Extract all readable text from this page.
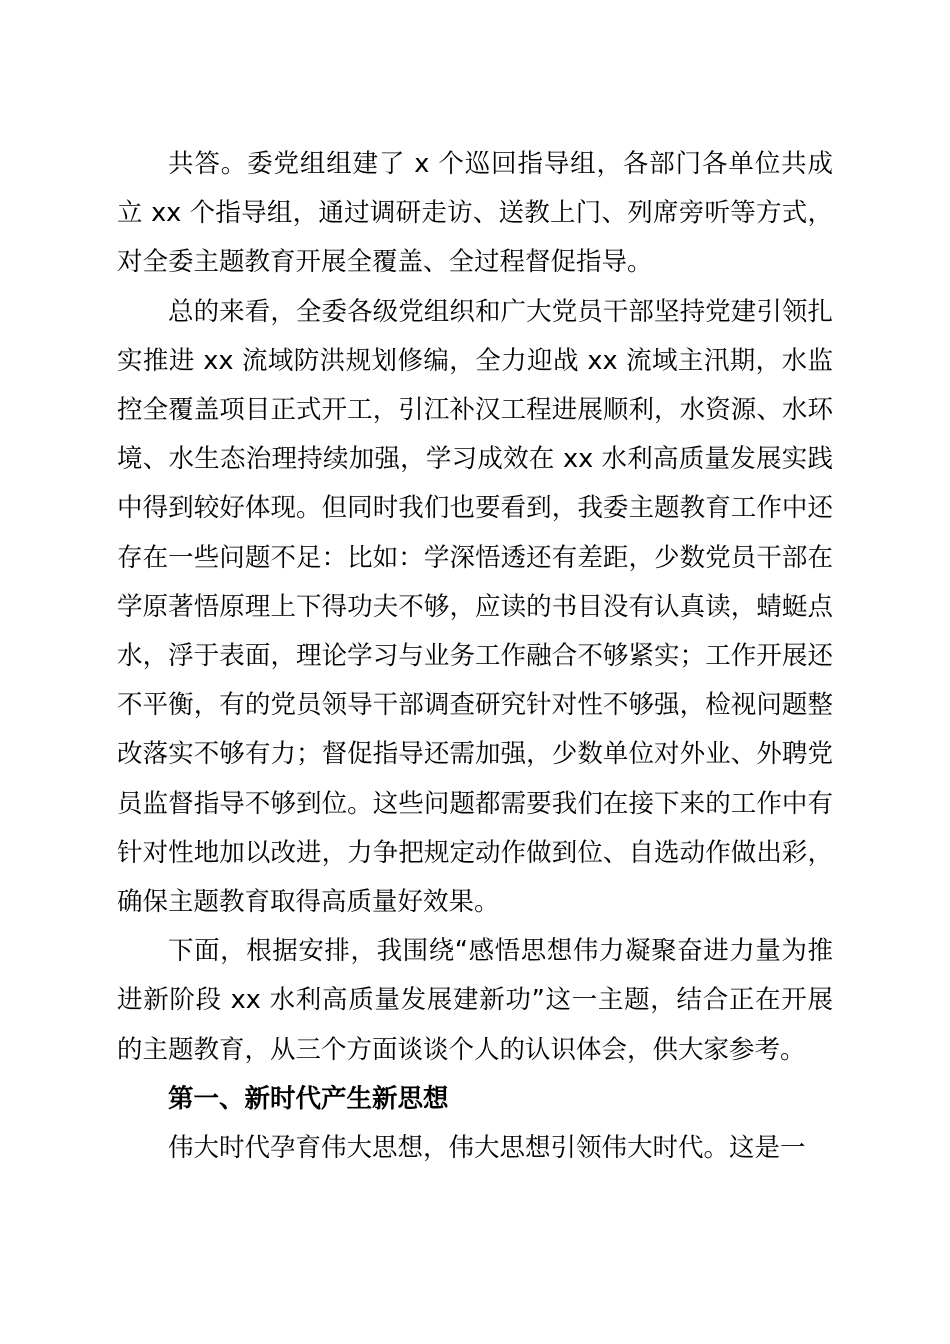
共答。委党组组建了 x 个巡回指导组，各部门各单位共成立 xx 个指导组，通过调研走访、送教上门、列席旁听等方式，对全委主题教育开展全覆盖、全过程督促指导。

总的来看，全委各级党组织和广大党员干部坚持党建引领扎实推进 xx 流域防洪规划修编，全力迎战 xx 流域主汛期，水监控全覆盖项目正式开工，引江补汉工程进展顺利，水资源、水环境、水生态治理持续加强，学习成效在 xx 水利高质量发展实践中得到较好体现。但同时我们也要看到，我委主题教育工作中还存在一些问题不足：比如：学深悟透还有差距，少数党员干部在学原著悟原理上下得功夫不够，应读的书目没有认真读，蜻蜓点水，浮于表面，理论学习与业务工作融合不够紧实；工作开展还不平衡，有的党员领导干部调查研究针对性不够强，检视问题整改落实不够有力；督促指导还需加强，少数单位对外业、外聘党员监督指导不够到位。这些问题都需要我们在接下来的工作中有针对性地加以改进，力争把规定动作做到位、自选动作做出彩，确保主题教育取得高质量好效果。

下面，根据安排，我围绕“感悟思想伟力凝聚奋进力量为推进新阶段 xx 水利高质量发展建新功”这一主题，结合正在开展的主题教育，从三个方面谈谈个人的认识体会，供大家参考。

第一、新时代产生新思想

伟大时代孕育伟大思想，伟大思想引领伟大时代。这是一
